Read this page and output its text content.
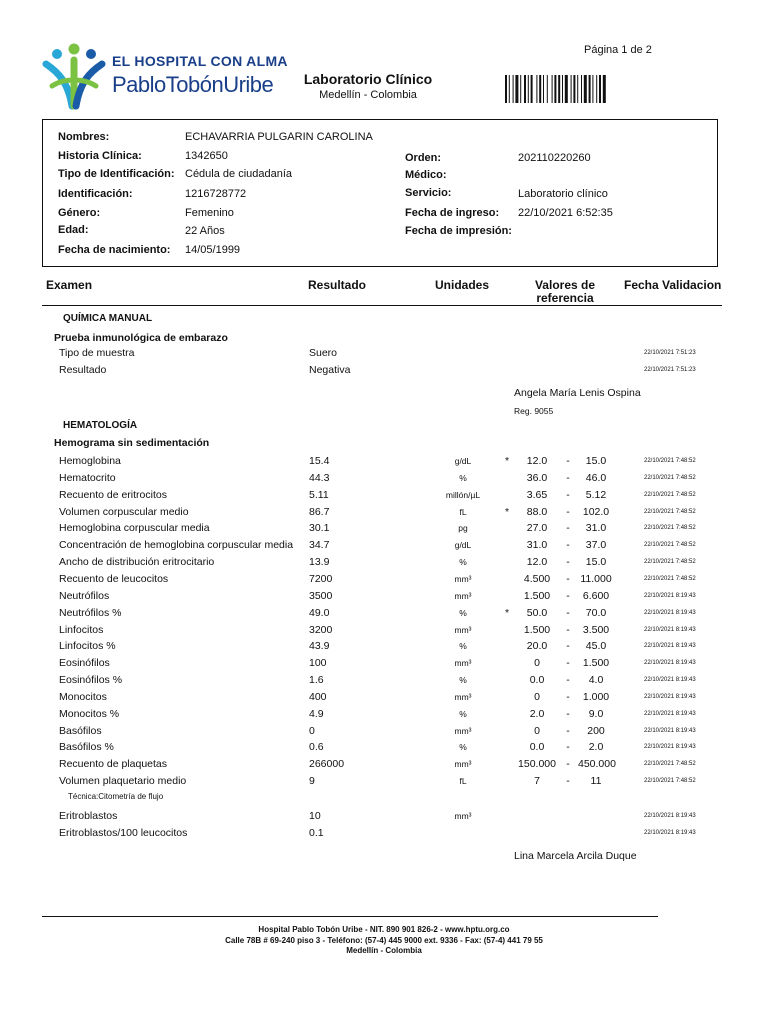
EL HOSPITAL CON ALMA
PabloTobónUribe Laboratorio Clínico
Medellín - Colombia
Página 1 de 2
Nombres:	ECHAVARRIA PULGARIN CAROLINA
Historia Clínica:	1342650
Tipo de Identificación: Cédula de ciudadanía
Identificación:	1216728772
Género:	Femenino
Edad:	22 Años
Fecha de nacimiento: 14/05/1999
Orden:	202110220260
Médico:
Servicio:	Laboratorio clínico
Fecha de ingreso: 22/10/2021 6:52:35
Fecha de impresión:
Examen	Resultado	Unidades	Valores de
referencia
Fecha Validacion
QUÍMICA MANUAL
Prueba inmunológica de embarazo
Tipo de muestra	Suero	22/10/2021 7:51:23
Resultado	Negativa	22/10/2021 7:51:23
Angela María Lenis Ospina
Reg. 9055
HEMATOLOGÍA
Hemograma sin sedimentación
Hemoglobina	15.4	g/dL	*	12.0	-	15.0	22/10/2021 7:48:52
Hematocrito	44.3	%	36.0	-	46.0	22/10/2021 7:48:52
Recuento de eritrocitos	5.11	millón/µL	3.65	-	5.12	22/10/2021 7:48:52
Volumen corpuscular medio	86.7	fL	*	88.0	-	102.0	22/10/2021 7:48:52
Hemoglobina corpuscular media	30.1	pg	27.0	-	31.0	22/10/2021 7:48:52
Concentración de hemoglobina corpuscular media 34.7	g/dL	31.0	-	37.0	22/10/2021 7:48:52
Ancho de distribución eritrocitario	13.9	%	12.0	-	15.0	22/10/2021 7:48:52
Recuento de leucocitos	7200	mm³	4.500	-	11.000	22/10/2021 7:48:52
Neutrófilos	3500	mm³	1.500	-	6.600	22/10/2021 8:19:43
Neutrófilos %	49.0	%	*	50.0	-	70.0	22/10/2021 8:19:43
Linfocitos	3200	mm³	1.500	-	3.500	22/10/2021 8:19:43
Linfocitos %	43.9	%	20.0	-	45.0	22/10/2021 8:19:43
Eosinófilos	100	mm³	0	-	1.500	22/10/2021 8:19:43
Eosinófilos %	1.6	%	0.0	-	4.0	22/10/2021 8:19:43
Monocitos	400	mm³	0	-	1.000	22/10/2021 8:19:43
Monocitos %	4.9	%	2.0	-	9.0	22/10/2021 8:19:43
Basófilos	0	mm³	0	-	200	22/10/2021 8:19:43
Basófilos %	0.6	%	0.0	-	2.0	22/10/2021 8:19:43
Recuento de plaquetas	266000	mm³	150.000 - 450.000	22/10/2021 7:48:52
Volumen plaquetario medio	9	fL	7	-	11	22/10/2021 7:48:52
Técnica:Citometría de flujo
Eritroblastos	10	mm³	22/10/2021 8:19:43
Eritroblastos/100 leucocitos	0.1	22/10/2021 8:19:43
Lina Marcela Arcila Duque
Hospital Pablo Tobón Uribe - NIT. 890 901 826-2 - www.hptu.org.co
Calle 78B # 69-240 piso 3 - Teléfono: (57-4) 445 9000 ext. 9336 - Fax: (57-4) 441 79 55
Medellín - Colombia
